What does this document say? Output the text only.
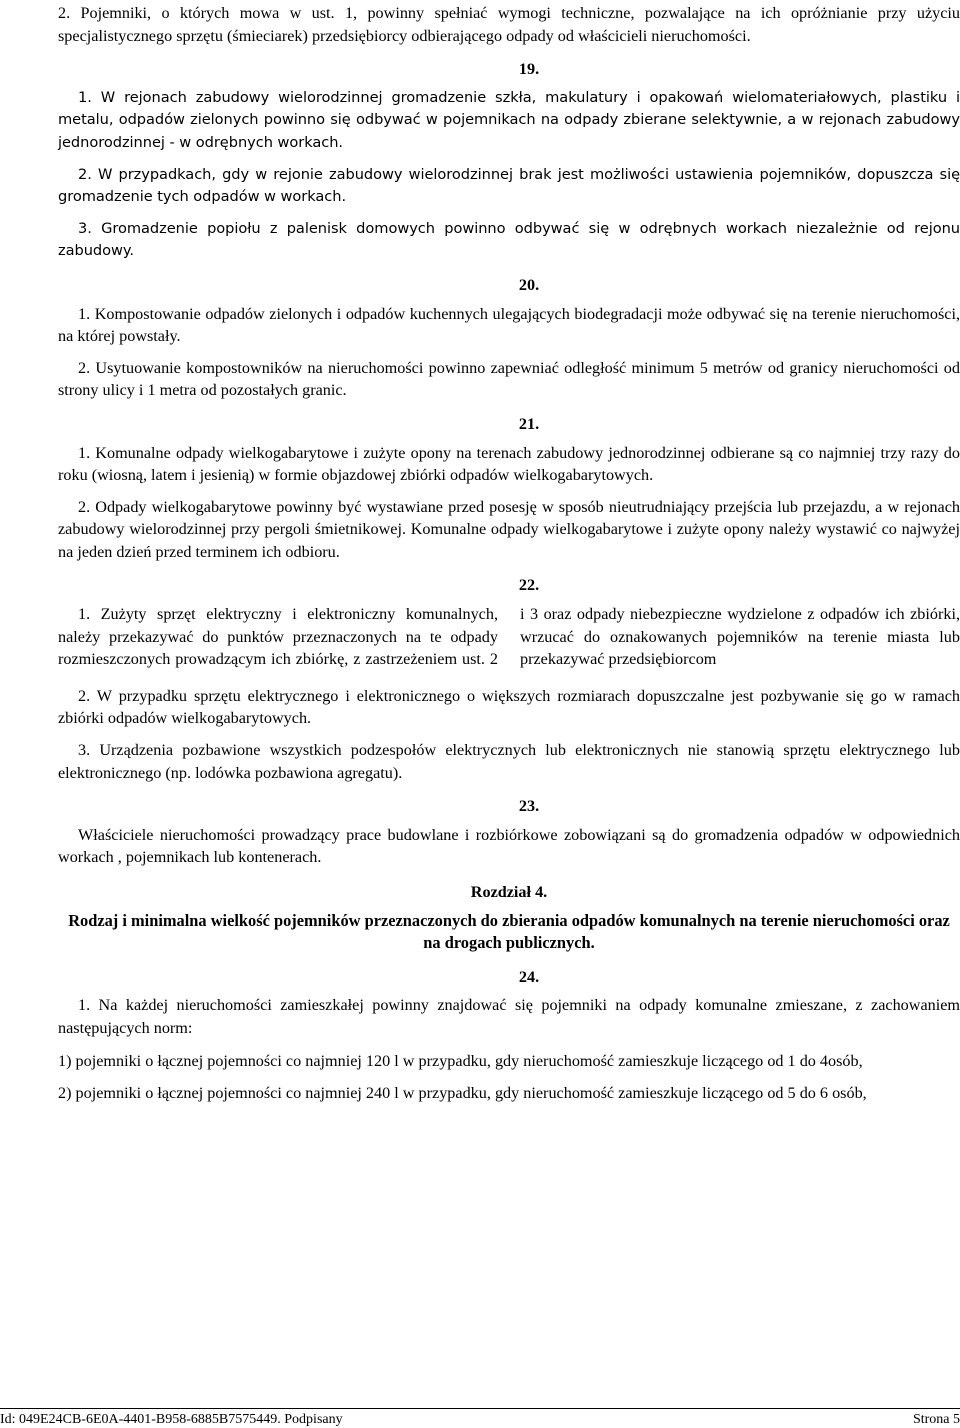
2. Pojemniki, o których mowa w ust. 1, powinny spełniać wymogi techniczne, pozwalające na ich opróżnianie przy użyciu specjalistycznego sprzętu (śmieciarek) przedsiębiorcy odbierającego odpady od właścicieli nieruchomości.

19.

1. W rejonach zabudowy wielorodzinnej gromadzenie szkła, makulatury i opakowań wielomateriałowych, plastiku i metalu, odpadów zielonych powinno się odbywać w pojemnikach na odpady zbierane selektywnie, a w rejonach zabudowy jednorodzinnej - w odrębnych workach.

2. W przypadkach, gdy w rejonie zabudowy wielorodzinnej brak jest możliwości ustawienia pojemników, dopuszcza się gromadzenie tych odpadów w workach.

3. Gromadzenie popiołu z palenisk domowych powinno odbywać się w odrębnych workach niezależnie od rejonu zabudowy.

20.

1. Kompostowanie odpadów zielonych i odpadów kuchennych ulegających biodegradacji może odbywać się na terenie nieruchomości, na której powstały.

2. Usytuowanie kompostowników na nieruchomości powinno zapewniać odległość minimum 5 metrów od granicy nieruchomości od strony ulicy i 1 metra od pozostałych granic.

21.

1. Komunalne odpady wielkogabarytowe i zużyte opony na terenach zabudowy jednorodzinnej odbierane są co najmniej trzy razy do roku (wiosną, latem i jesienią) w formie objazdowej zbiórki odpadów wielkogabarytowych.

2. Odpady wielkogabarytowe powinny być wystawiane przed posesję w sposób nieutrudniający przejścia lub przejazdu, a w rejonach zabudowy wielorodzinnej przy pergoli śmietnikowej. Komunalne odpady wielkogabarytowe i zużyte opony należy wystawić co najwyżej na jeden dzień przed terminem ich odbioru.

22.

1. Zużyty sprzęt elektryczny i elektroniczny komunalnych, należy przekazywać do punktów przeznaczonych na te odpady rozmieszczonych prowadzącym ich zbiórkę, z zastrzeżeniem ust. 2 i 3 oraz odpady niebezpieczne wydzielone z odpadów ich zbiórki, wrzucać do oznakowanych pojemników na terenie miasta lub przekazywać przedsiębiorcom

2. W przypadku sprzętu elektrycznego i elektronicznego o większych rozmiarach dopuszczalne jest pozbywanie się go w ramach zbiórki odpadów wielkogabarytowych.

3. Urządzenia pozbawione wszystkich podzespołów elektrycznych lub elektronicznych nie stanowią sprzętu elektrycznego lub elektronicznego (np. lodówka pozbawiona agregatu).

23.

Właściciele nieruchomości prowadzący prace budowlane i rozbiórkowe zobowiązani są do gromadzenia odpadów w odpowiednich workach , pojemnikach lub kontenerach.

Rozdział 4.

Rodzaj i minimalna wielkość pojemników przeznaczonych do zbierania odpadów komunalnych na terenie nieruchomości oraz na drogach publicznych.

24.

1. Na każdej nieruchomości zamieszkałej powinny znajdować się pojemniki na odpady komunalne zmieszane, z zachowaniem następujących norm:

1) pojemniki o łącznej pojemności co najmniej 120 l w przypadku, gdy nieruchomość zamieszkuje liczącego od 1 do 4osób,

2) pojemniki o łącznej pojemności co najmniej 240 l w przypadku, gdy nieruchomość zamieszkuje liczącego od 5 do 6 osób,

Id: 049E24CB-6E0A-4401-B958-6885B7575449. Podpisany	Strona 5
